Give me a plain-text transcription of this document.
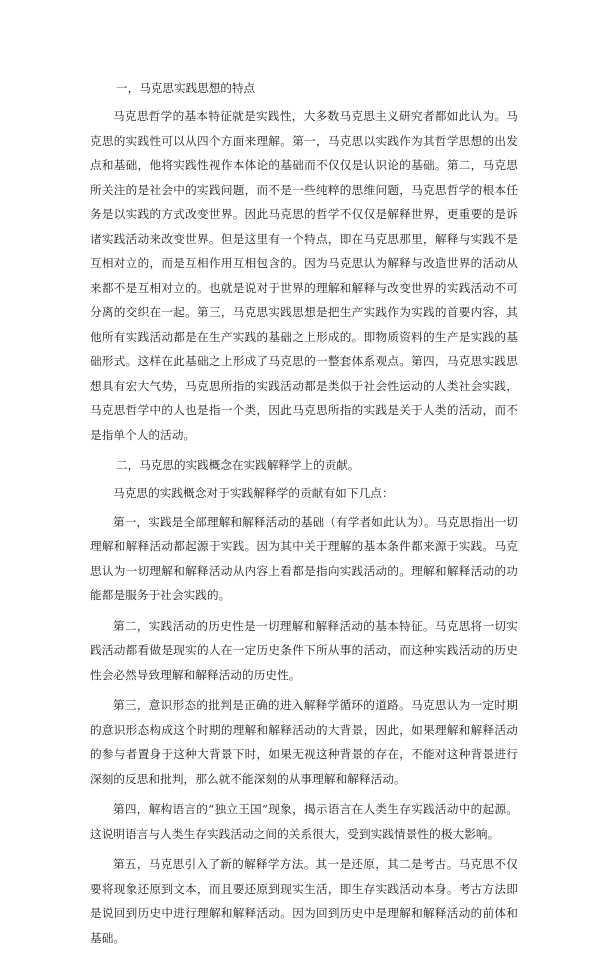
一，马克思实践思想的特点

马克思哲学的基本特征就是实践性，大多数马克思主义研究者都如此认为。马克思的实践性可以从四个方面来理解。第一，马克思以实践作为其哲学思想的出发点和基础，他将实践性视作本体论的基础而不仅仅是认识论的基础。第二，马克思所关注的是社会中的实践问题，而不是一些纯粹的思维问题，马克思哲学的根本任务是以实践的方式改变世界。因此马克思的哲学不仅仅是解释世界，更重要的是诉诸实践活动来改变世界。但是这里有一个特点，即在马克思那里，解释与实践不是互相对立的，而是互相作用互相包含的。因为马克思认为解释与改造世界的活动从来都不是互相对立的。也就是说对于世界的理解和解释与改变世界的实践活动不可分离的交织在一起。第三，马克思实践思想是把生产实践作为实践的首要内容，其他所有实践活动都是在生产实践的基础之上形成的。即物质资料的生产是实践的基础形式。这样在此基础之上形成了马克思的一整套体系观点。第四，马克思实践思想具有宏大气势，马克思所指的实践活动都是类似于社会性运动的人类社会实践，马克思哲学中的人也是指一个类，因此马克思所指的实践是关于人类的活动，而不是指单个人的活动。

二，马克思的实践概念在实践解释学上的贡献。

马克思的实践概念对于实践解释学的贡献有如下几点：

第一，实践是全部理解和解释活动的基础（有学者如此认为）。马克思指出一切理解和解释活动都起源于实践。因为其中关于理解的基本条件都来源于实践。马克思认为一切理解和解释活动从内容上看都是指向实践活动的。理解和解释活动的功能都是服务于社会实践的。

第二，实践活动的历史性是一切理解和解释活动的基本特征。马克思将一切实践活动都看做是现实的人在一定历史条件下所从事的活动，而这种实践活动的历史性会必然导致理解和解释活动的历史性。

第三，意识形态的批判是正确的进入解释学循环的道路。马克思认为一定时期的意识形态构成这个时期的理解和解释活动的大背景，因此，如果理解和解释活动的参与者置身于这种大背景下时，如果无视这种背景的存在，不能对这种背景进行深刻的反思和批判，那么就不能深刻的从事理解和解释活动。

第四，解构语言的“独立王国”现象，揭示语言在人类生存实践活动中的起源。这说明语言与人类生存实践活动之间的关系很大，受到实践情景性的极大影响。

第五，马克思引入了新的解释学方法。其一是还原，其二是考古。马克思不仅要将现象还原到文本，而且要还原到现实生活，即生存实践活动本身。考古方法即是说回到历史中进行理解和解释活动。因为回到历史中是理解和解释活动的前体和基础。
